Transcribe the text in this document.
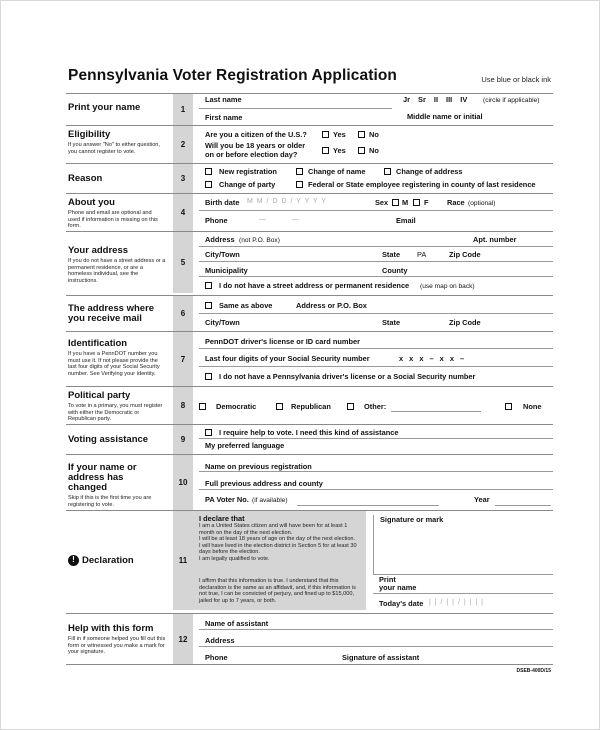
Pennsylvania Voter Registration Application	Use blue or black ink
Print your name	1
Last name	Jr Sr II III IV (circle if applicable)
First name	Middle name or initial
Eligibility
If you answer "No" to either question, you cannot register to vote.
2
Are you a citizen of the U.S.?	Yes	No
Will you be 18 years or older
on or before election day?	Yes	No
Reason	3
New registration	Change of name	Change of address
Change of party	Federal or State employee registering in county of last residence
About you
Phone and email are optional and used if information is missing on this form.
4
Birth date M M / D D / Y Y Y Y	Sex M F Race (optional)
Phone	— —	Email
Your address
If you do not have a street address or a permanent residence, or are a homeless individual, see the instructions.
5
Address (not P.O. Box)	Apt. number
City/Town	State PA	Zip Code
Municipality	County
I do not have a street address or permanent residence (use map on back)
The address where you receive mail	6
Same as above	Address or P.O. Box
City/Town	State	Zip Code
Identification
If you have a PennDOT number you must use it. If not please provide the last four digits of your Social Security number. See Verifying your identity.
7
PennDOT driver's license or ID card number
Last four digits of your Social Security number	x x x – x x –
I do not have a Pennsylvania driver's license or a Social Security number
Political party
To vote in a primary, you must register with either the Democratic or Republican party.
8	Democratic	Republican	Other:	None
Voting assistance	9
I require help to vote. I need this kind of assistance
My preferred language
If your name or address has changed
Skip if this is the first time you are registering to vote.
10
Name on previous registration
Full previous address and county
PA Voter No. (if available)	Year
! Declaration	11
I declare that
I am a United States citizen and will have been for at least 1 month on the day of the next election.
I will be at least 18 years of age on the day of the next election.
I will have lived in the election district in Section 5 for at least 30 days before the election.
I am legally qualified to vote.
I affirm that this information is true. I understand that this declaration is the same as an affidavit, and, if this information is not true, I can be convicted of perjury, and fined up to $15,000, jailed for up to 7 years, or both.
Signature or mark
Print
your name
Today's date | | / | | / | | | |
Help with this form
Fill in if someone helped you fill out this form or witnessed you make a mark for your signature.
12
Name of assistant
Address
Phone	Signature of assistant
DSEB-400D/15
